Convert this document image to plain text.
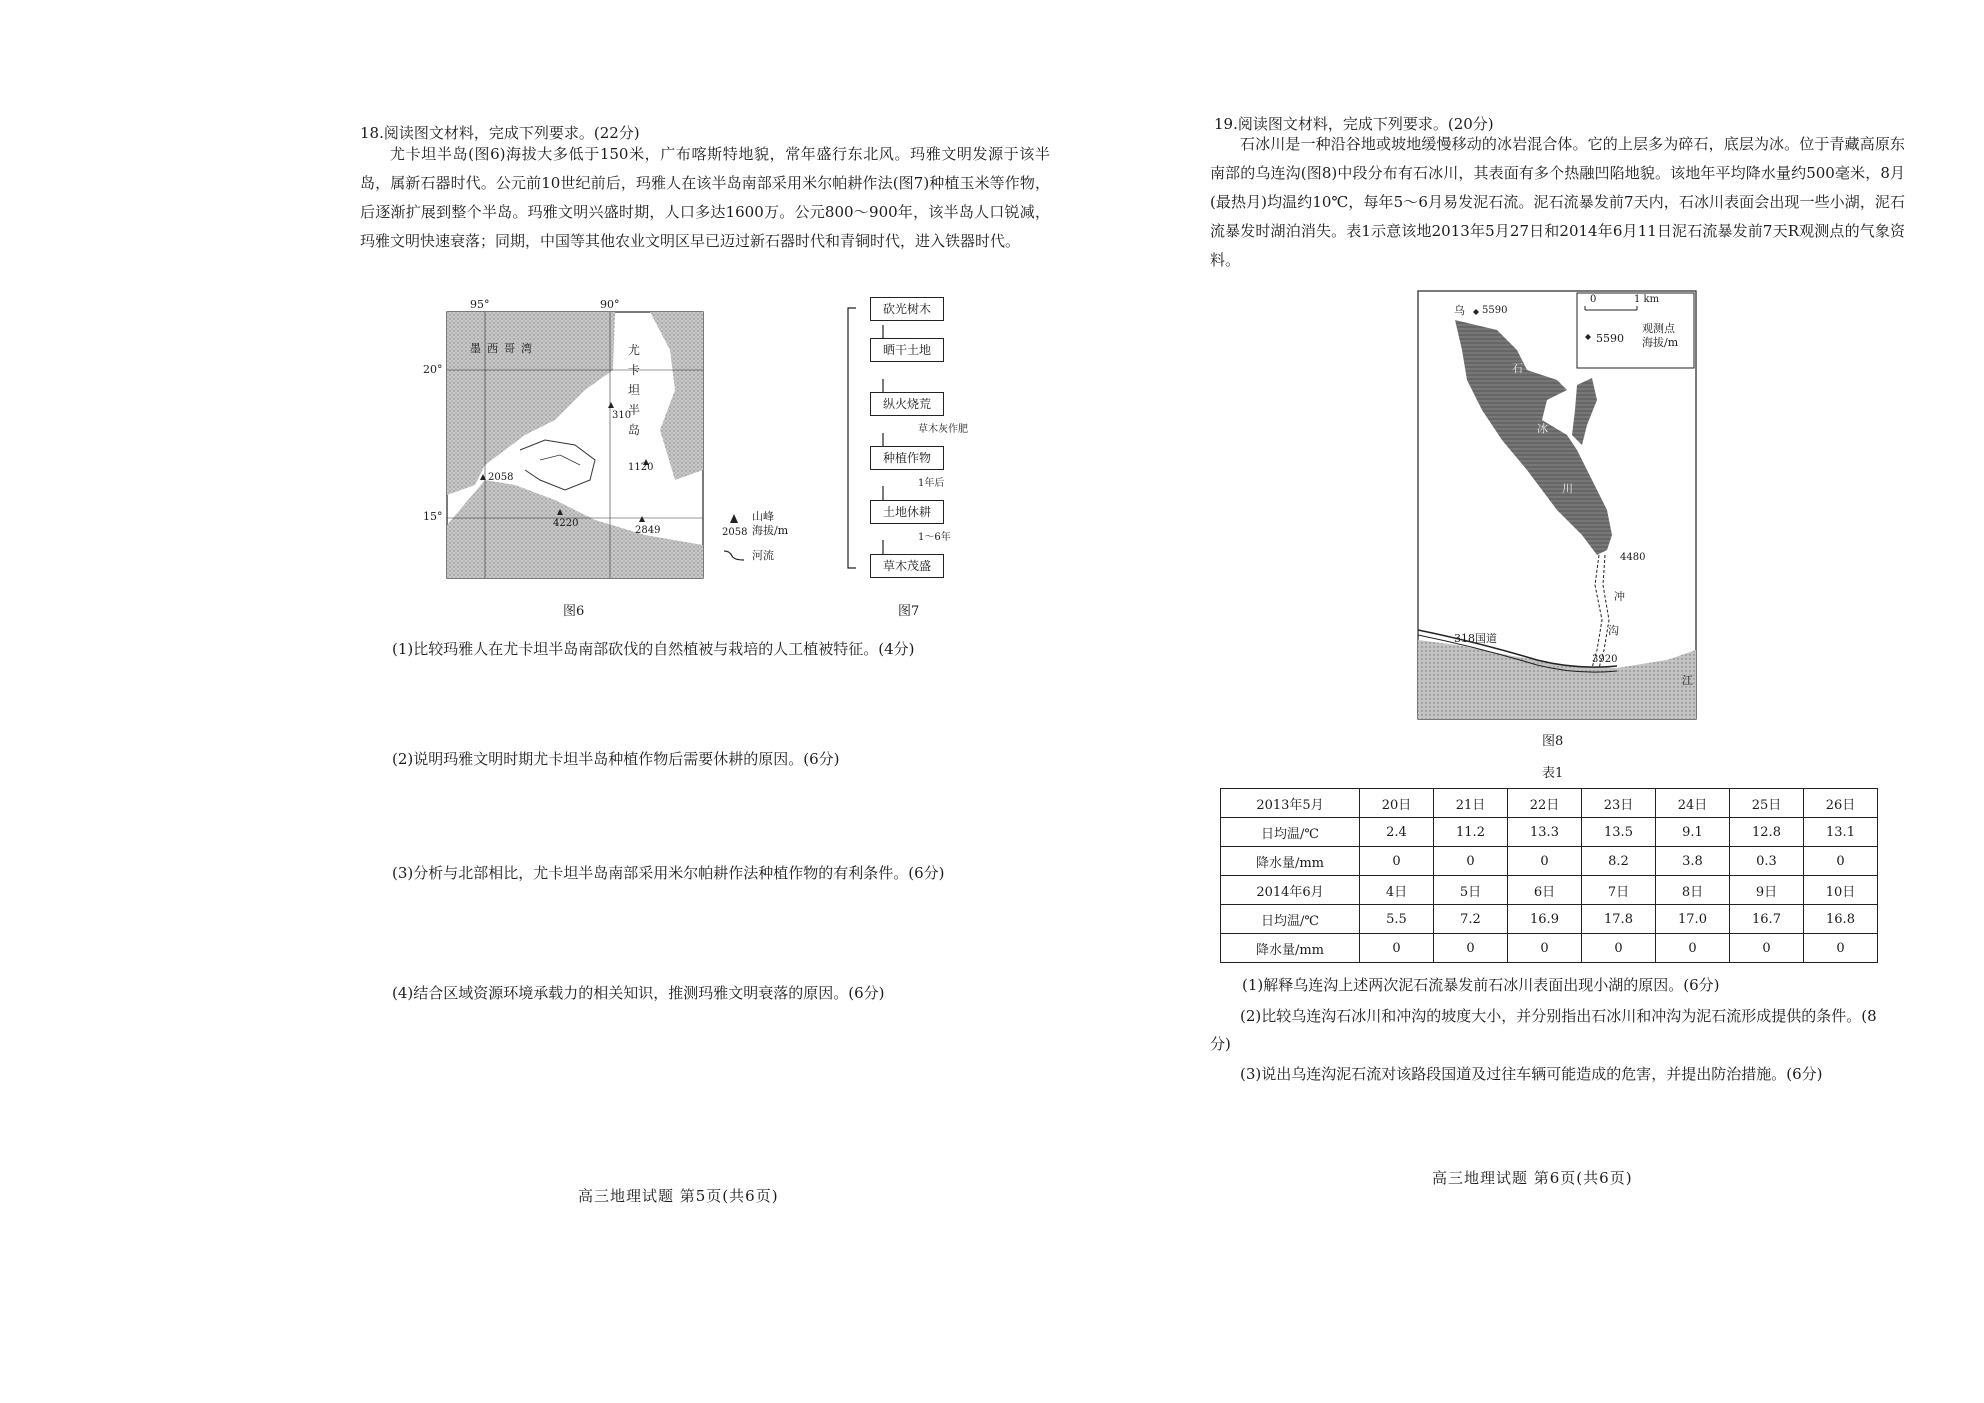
18.阅读图文材料，完成下列要求。(22分)
尤卡坦半岛(图6)海拔大多低于150米，广布喀斯特地貌，常年盛行东北风。玛雅文明发源于该半岛，属新石器时代。公元前10世纪前后，玛雅人在该半岛南部采用米尔帕耕作法(图7)种植玉米等作物，后逐渐扩展到整个半岛。玛雅文明兴盛时期，人口多达1600万。公元800～900年，该半岛人口锐减，玛雅文明快速衰落；同期，中国等其他农业文明区早已迈过新石器时代和青铜时代，进入铁器时代。
95°	90°
20°
15°
墨西哥湾	尤
卡
坦
半
岛
310
1120
2058
4220
2849	2058
山峰
海拔/m
河流
图6
砍光树木
晒干土地
纵火烧荒
草木灰作肥
种植作物
1年后
土地休耕
1～6年
草木茂盛
图7
(1)比较玛雅人在尤卡坦半岛南部砍伐的自然植被与栽培的人工植被特征。(4分)
(2)说明玛雅文明时期尤卡坦半岛种植作物后需要休耕的原因。(6分)
(3)分析与北部相比，尤卡坦半岛南部采用米尔帕耕作法种植作物的有利条件。(6分)
(4)结合区域资源环境承载力的相关知识，推测玛雅文明衰落的原因。(6分)
高三地理试题 第5页(共6页)
19.阅读图文材料，完成下列要求。(20分)
石冰川是一种沿谷地或坡地缓慢移动的冰岩混合体。它的上层多为碎石，底层为冰。位于青藏高原东南部的乌连沟(图8)中段分布有石冰川，其表面有多个热融凹陷地貌。该地年平均降水量约500毫米，8月(最热月)均温约10℃，每年5～6月易发泥石流。泥石流暴发前7天内，石冰川表面会出现一些小湖，泥石流暴发时湖泊消失。表1示意该地2013年5月27日和2014年6月11日泥石流暴发前7天R观测点的气象资料。
0	1 km
5590
观测点
海拔/m
乌 5590
4480
3920
石
冰
川
冲
沟
318国道
江
图8
表1
2013年5月	20日	21日	22日	23日	24日	25日	26日
日均温/℃	2.4	11.2	13.3	13.5	9.1	12.8	13.1
降水量/mm	0	0	0	8.2	3.8	0.3	0
2014年6月	4日	5日	6日	7日	8日	9日	10日
日均温/℃	5.5	7.2	16.9	17.8	17.0	16.7	16.8
降水量/mm	0	0	0	0	0	0	0
(1)解释乌连沟上述两次泥石流暴发前石冰川表面出现小湖的原因。(6分)
(2)比较乌连沟石冰川和冲沟的坡度大小，并分别指出石冰川和冲沟为泥石流形成提供的条件。(8分)
(3)说出乌连沟泥石流对该路段国道及过往车辆可能造成的危害，并提出防治措施。(6分)
高三地理试题 第6页(共6页)
